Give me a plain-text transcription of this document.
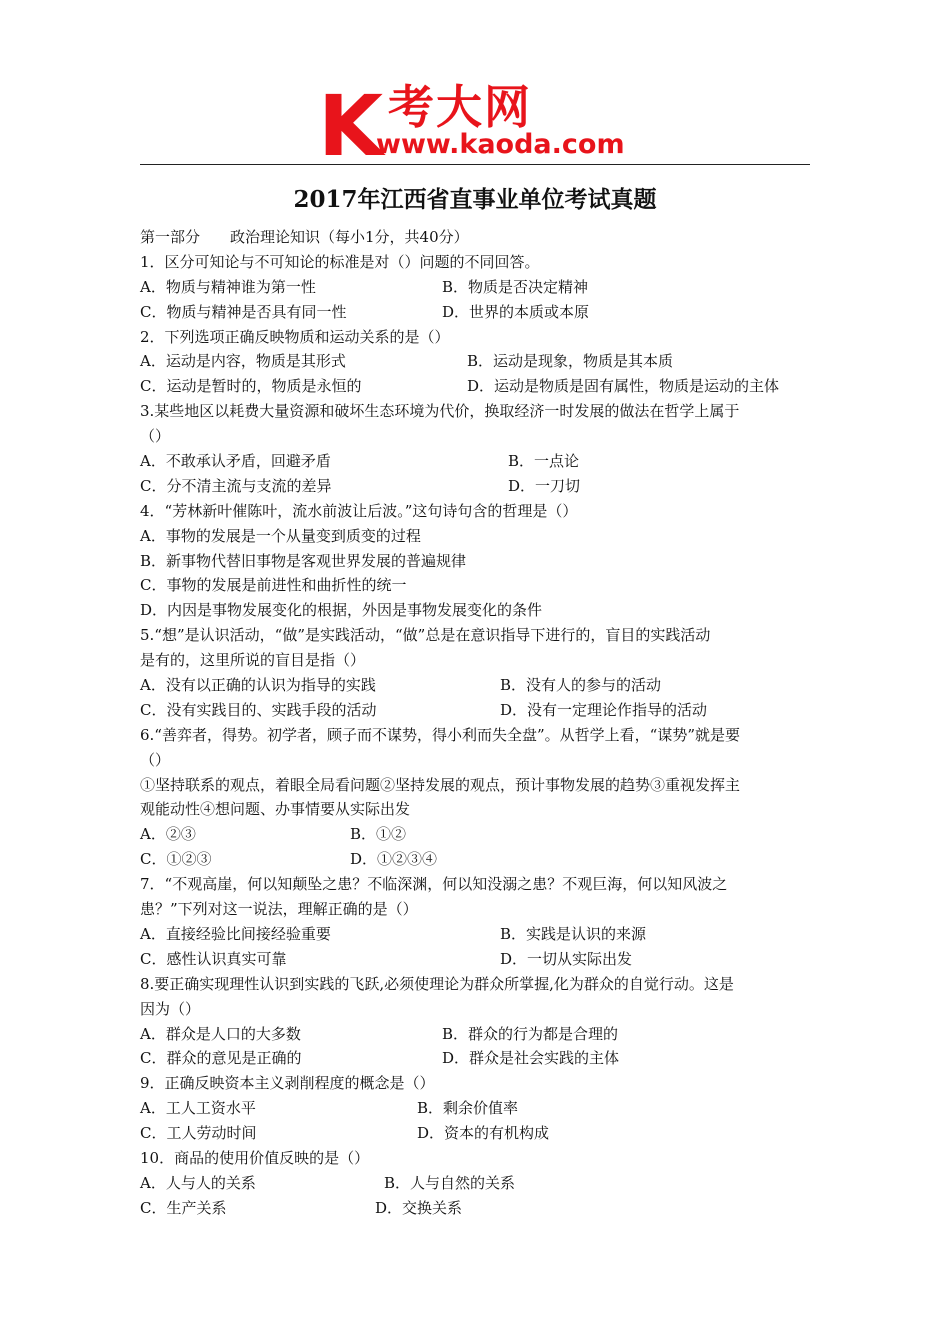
K 考大网
www.kaoda.com
2017年江西省直事业单位考试真题
第一部分　　政治理论知识（每小1分，共40分）
1．区分可知论与不可知论的标准是对（）问题的不同回答。
A．物质与精神谁为第一性	B．物质是否决定精神
C．物质与精神是否具有同一性	D．世界的本质或本原
2．下列选项正确反映物质和运动关系的是（）
A．运动是内容，物质是其形式	B．运动是现象，物质是其本质
C．运动是暂时的，物质是永恒的	D．运动是物质是固有属性，物质是运动的主体
3.某些地区以耗费大量资源和破坏生态环境为代价，换取经济一时发展的做法在哲学上属于
（）
A．不敢承认矛盾，回避矛盾	B．一点论
C．分不清主流与支流的差异	D．一刀切
4．“芳林新叶催陈叶，流水前波让后波。”这句诗句含的哲理是（）
A．事物的发展是一个从量变到质变的过程
B．新事物代替旧事物是客观世界发展的普遍规律
C．事物的发展是前进性和曲折性的统一
D．内因是事物发展变化的根据，外因是事物发展变化的条件
5.“想”是认识活动，“做”是实践活动，“做”总是在意识指导下进行的，盲目的实践活动
是有的，这里所说的盲目是指（）
A．没有以正确的认识为指导的实践	B．没有人的参与的活动
C．没有实践目的、实践手段的活动	D．没有一定理论作指导的活动
6.“善弈者，得势。初学者，顾子而不谋势，得小利而失全盘”。从哲学上看，“谋势”就是要
（）
①坚持联系的观点，着眼全局看问题②坚持发展的观点，预计事物发展的趋势③重视发挥主
观能动性④想问题、办事情要从实际出发
A．②③	B．①②
C．①②③	D．①②③④
7．“不观高崖，何以知颠坠之患？不临深渊，何以知没溺之患？不观巨海，何以知风波之
患？”下列对这一说法，理解正确的是（）
A．直接经验比间接经验重要	B．实践是认识的来源
C．感性认识真实可靠	D．一切从实际出发
8.要正确实现理性认识到实践的飞跃,必须使理论为群众所掌握,化为群众的自觉行动。这是
因为（）
A．群众是人口的大多数	B．群众的行为都是合理的
C．群众的意见是正确的	D．群众是社会实践的主体
9．正确反映资本主义剥削程度的概念是（）
A．工人工资水平	B．剩余价值率
C．工人劳动时间	D．资本的有机构成
10．商品的使用价值反映的是（）
A．人与人的关系	B．人与自然的关系
C．生产关系	D．交换关系
